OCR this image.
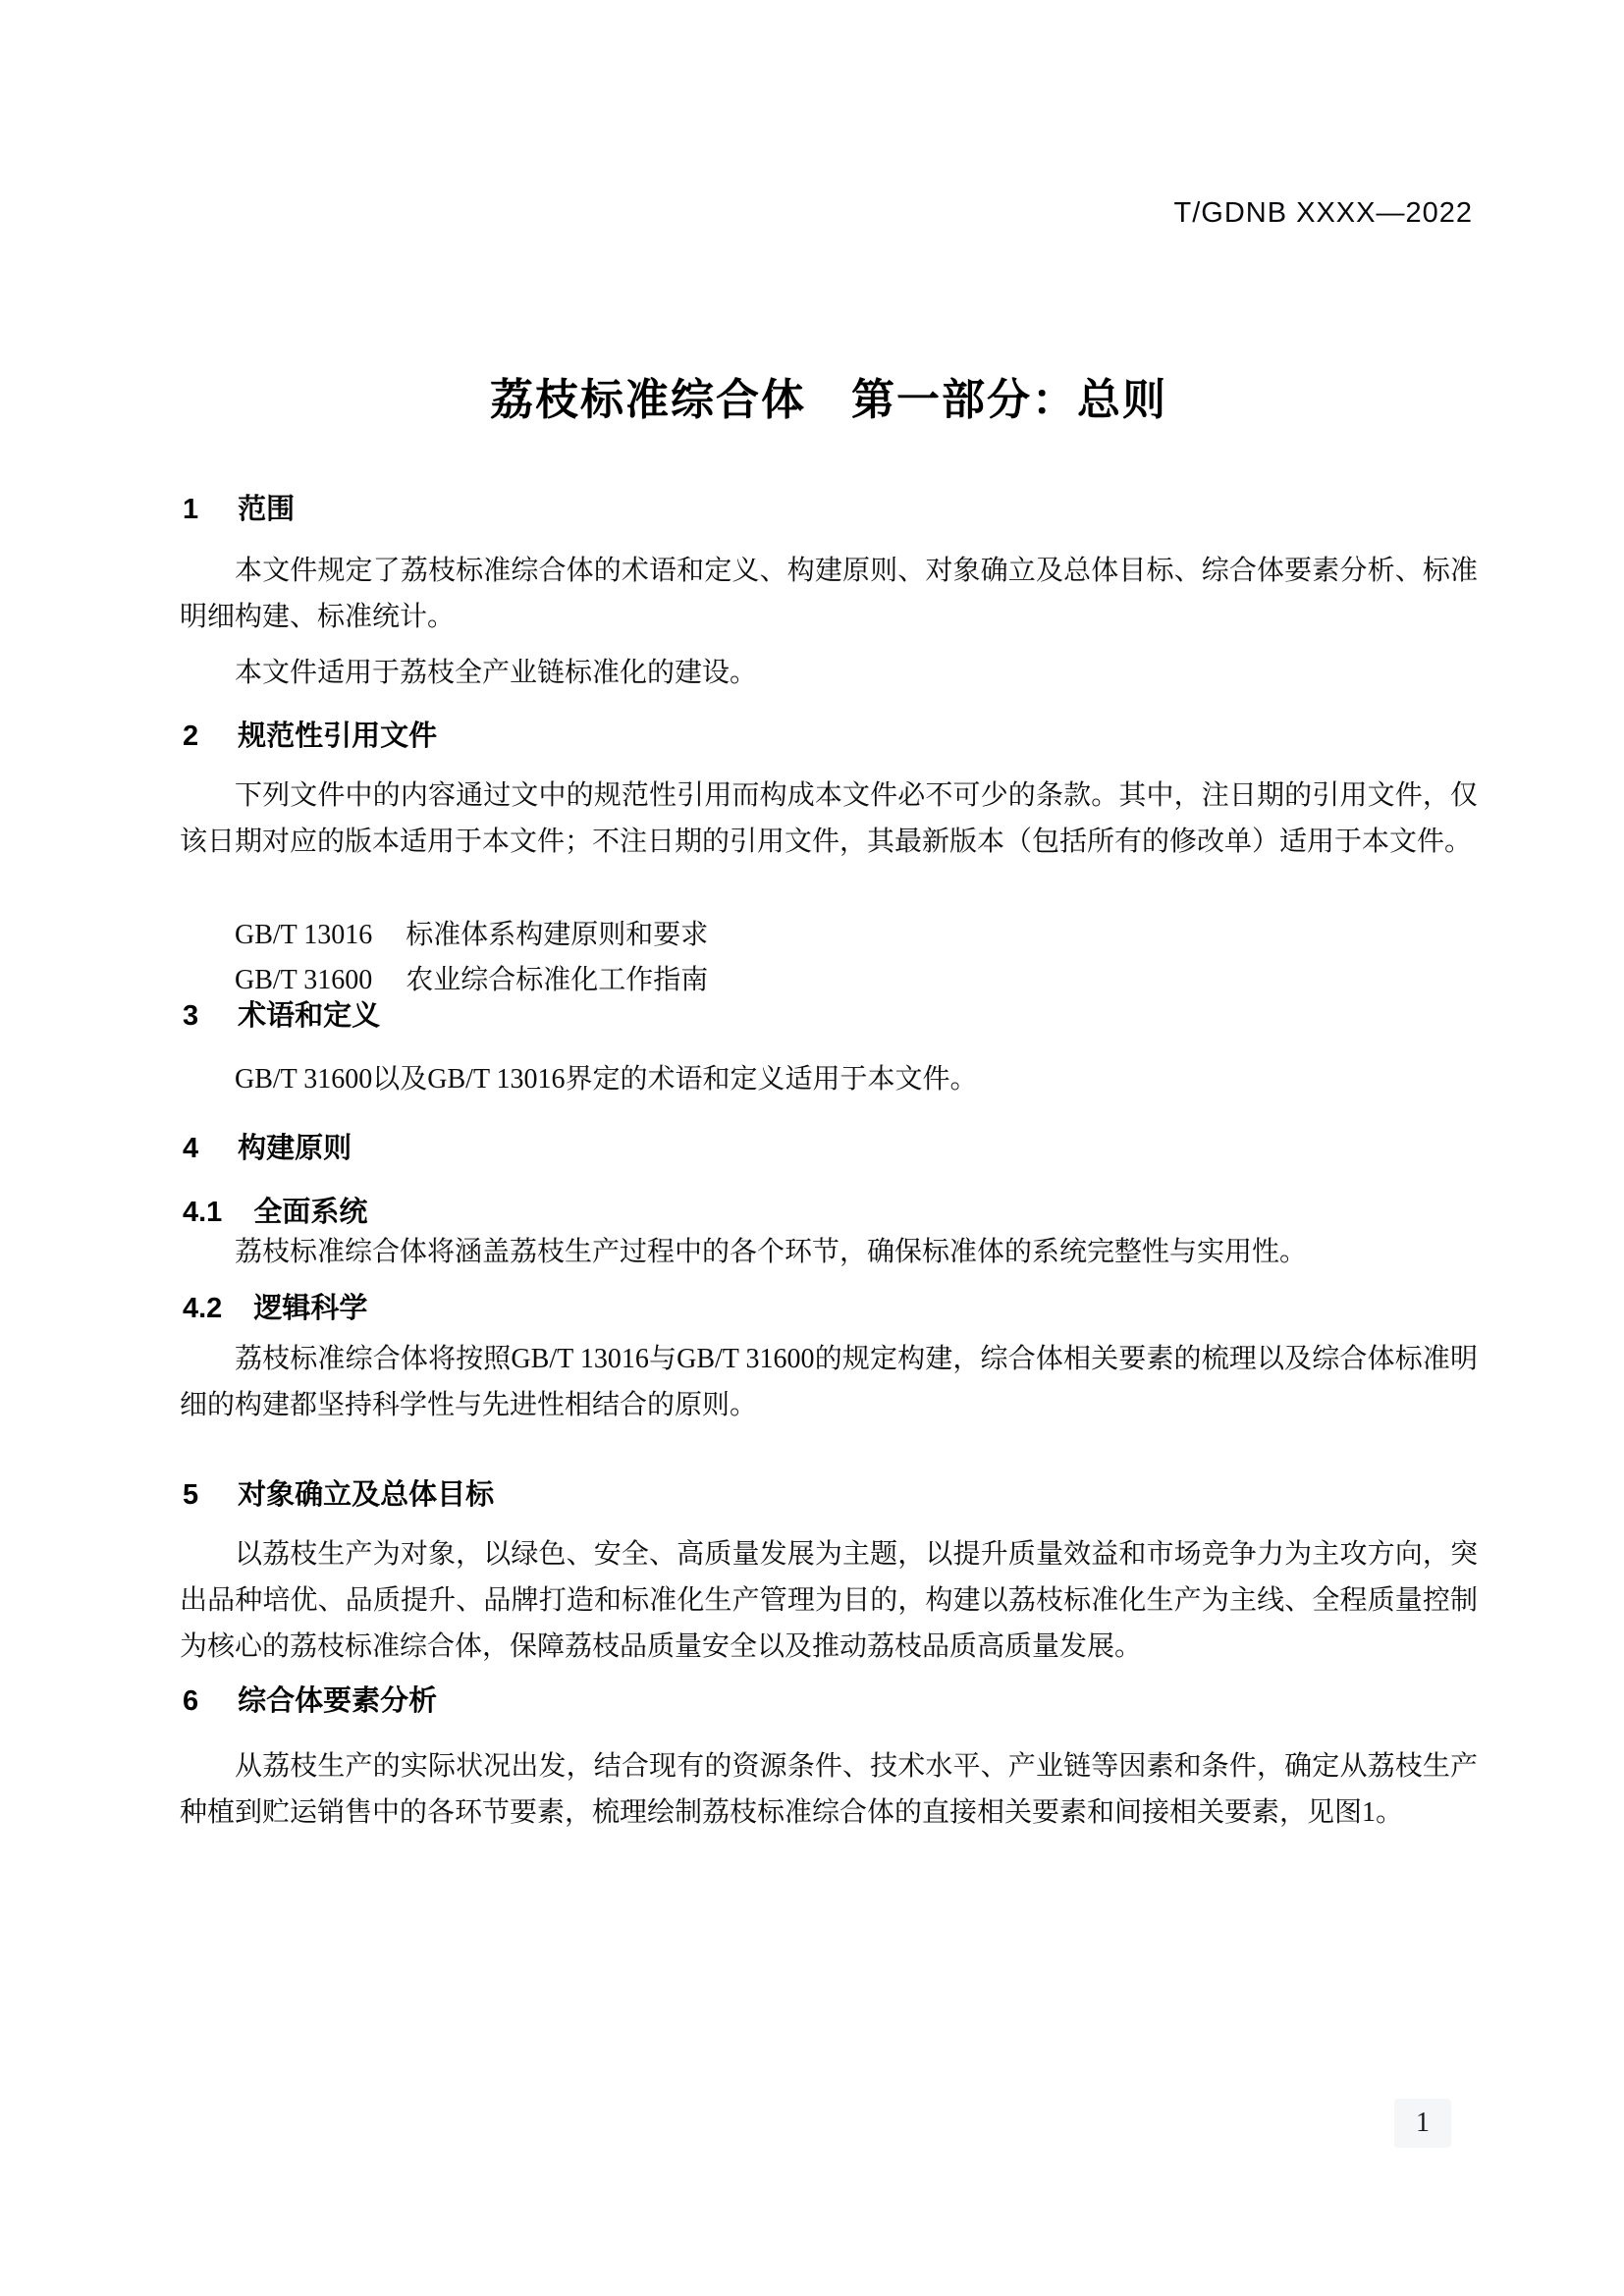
T/GDNB XXXX—2022
荔枝标准综合体　第一部分：总则
1 范围

本文件规定了荔枝标准综合体的术语和定义、构建原则、对象确立及总体目标、综合体要素分析、标准明细构建、标准统计。

本文件适用于荔枝全产业链标准化的建设。

2 规范性引用文件

下列文件中的内容通过文中的规范性引用而构成本文件必不可少的条款。其中，注日期的引用文件，仅该日期对应的版本适用于本文件；不注日期的引用文件，其最新版本（包括所有的修改单）适用于本文件。

GB/T 13016 标准体系构建原则和要求

GB/T 31600 农业综合标准化工作指南

3 术语和定义

GB/T 31600以及GB/T 13016界定的术语和定义适用于本文件。

4 构建原则
4.1 全面系统

荔枝标准综合体将涵盖荔枝生产过程中的各个环节，确保标准体的系统完整性与实用性。

4.2 逻辑科学

荔枝标准综合体将按照GB/T 13016与GB/T 31600的规定构建，综合体相关要素的梳理以及综合体标准明细的构建都坚持科学性与先进性相结合的原则。

5 对象确立及总体目标

以荔枝生产为对象，以绿色、安全、高质量发展为主题，以提升质量效益和市场竞争力为主攻方向，突出品种培优、品质提升、品牌打造和标准化生产管理为目的，构建以荔枝标准化生产为主线、全程质量控制为核心的荔枝标准综合体，保障荔枝品质量安全以及推动荔枝品质高质量发展。

6 综合体要素分析

从荔枝生产的实际状况出发，结合现有的资源条件、技术水平、产业链等因素和条件，确定从荔枝生产种植到贮运销售中的各环节要素，梳理绘制荔枝标准综合体的直接相关要素和间接相关要素，见图1。

1
